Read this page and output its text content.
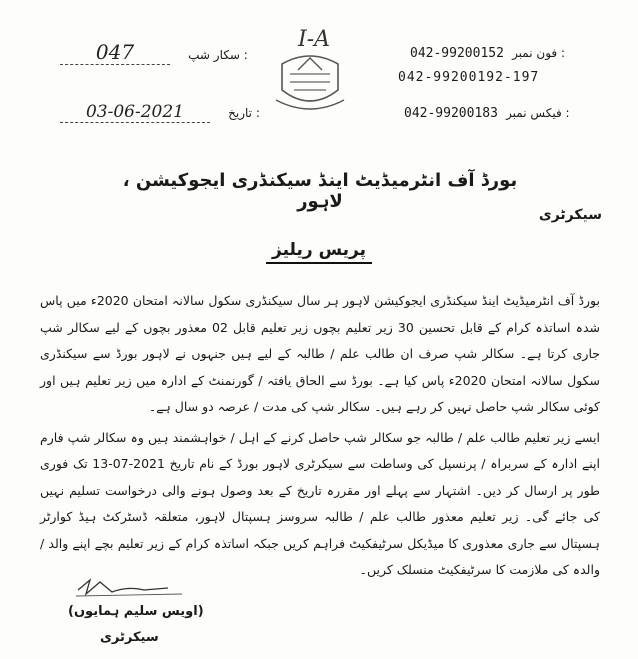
047	سکار شپ :
03-06-2021	تاریخ :
I-A
042-99200152 فون نمبر :
042-99200192-197
042-99200183 فیکس نمبر :
بورڈ آف انٹرمیڈیٹ اینڈ سیکنڈری ایجوکیشن ، لاہور
سیکرٹری
پریس ریلیز

بورڈ آف انٹرمیڈیٹ اینڈ سیکنڈری ایجوکیشن لاہور ہر سال سیکنڈری سکول سالانہ امتحان 2020ء میں پاس شدہ اساتذہ کرام کے قابل تحسین 30 زیر تعلیم بچوں زیر تعلیم قابل 02 معذور بچوں کے لیے سکالر شپ جاری کرتا ہے۔ سکالر شپ صرف ان طالب علم / طالبہ کے لیے ہیں جنہوں نے لاہور بورڈ سے سیکنڈری سکول سالانہ امتحان 2020ء پاس کیا ہے۔ بورڈ سے الحاق یافتہ / گورنمنٹ کے ادارہ میں زیر تعلیم ہیں اور کوئی سکالر شپ حاصل نہیں کر رہے ہیں۔ سکالر شپ کی مدت / عرصہ دو سال ہے۔

ایسے زیر تعلیم طالب علم / طالبہ جو سکالر شپ حاصل کرنے کے اہل / خواہشمند ہیں وہ سکالر شپ فارم اپنے ادارہ کے سربراہ / پرنسپل کی وساطت سے سیکرٹری لاہور بورڈ کے نام تاریخ 2021-07-13 تک فوری طور پر ارسال کر دیں۔ اشتہار سے پہلے اور مقررہ تاریخ کے بعد وصول ہونے والی درخواست تسلیم نہیں کی جائے گی۔ زیر تعلیم معذور طالب علم / طالبہ سروسز ہسپتال لاہور، متعلقہ ڈسٹرکٹ ہیڈ کوارٹر ہسپتال سے جاری معذوری کا میڈیکل سرٹیفکیٹ فراہم کریں جبکہ اساتذہ کرام کے زیر تعلیم بچے اپنے والد / والدہ کی ملازمت کا سرٹیفکیٹ منسلک کریں۔

(اویس سلیم ہمایوں)
سیکرٹری
